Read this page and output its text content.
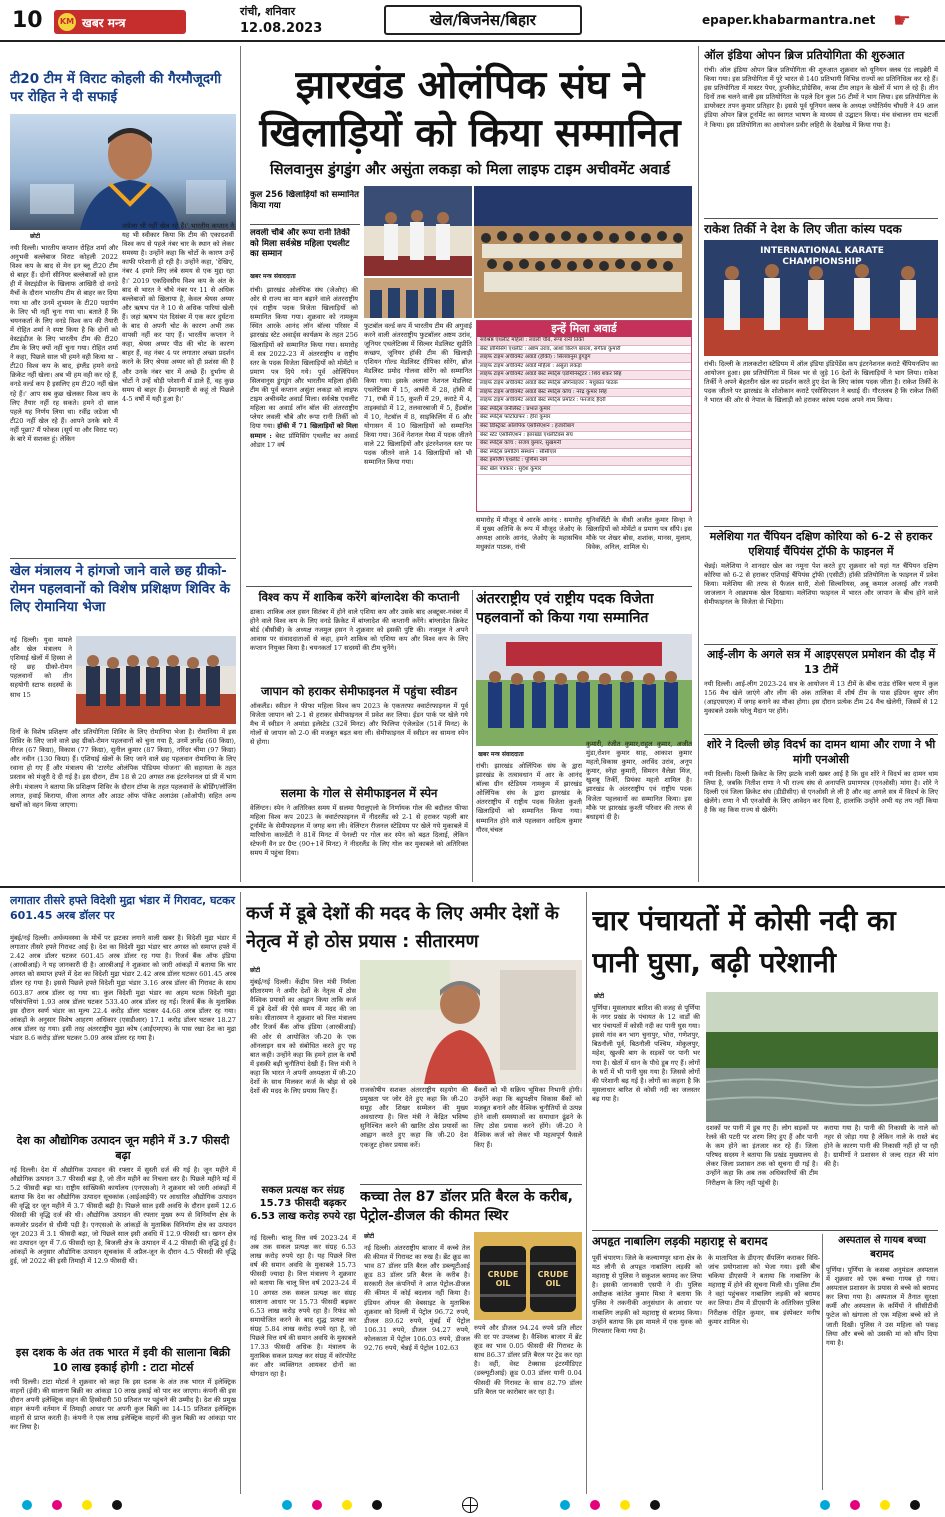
10 KM खबर मन्त्र
रांची, शनिवार
12.08.2023	खेल/बिजनेस/बिहार	epaper.khabarmantra.net ☛
टी20 टीम में विराट कोहली की गैरमौजूदगी पर रोहित ने दी सफाई
छोटी
नयी दिल्ली। भारतीय कप्तान रोहित शर्मा और अनुभवी बल्लेबाज विराट कोहली 2022 विश्व कप के बाद से मेन इन ब्लू टी20 टीम से बाहर हैं। दोनों सीनियर बल्लेबाजों को हाल ही में वेस्टइंडीज के खिलाफ आखिरी दो वनडे मैचों के दौरान भारतीय टीम से बाहर कर दिया गया था और उनमें शुभमन के टी20 पदार्पण के लिए भी नहीं चुना गया था। बताते हैं कि चयनकर्ता के लिए वनडे विश्व कप की तैयारी में रोहित शर्मा ने स्पष्ट किया है कि दोनों को वेस्टइंडीज के लिए भारतीय टीम की टी20 टीम के लिए क्यों नहीं चुना गया। रोहित शर्मा ने कहा, पिछले साल भी हमने वही किया था - टी20 विश्व कप के बाद, इंग्लैंड हमने वनडे क्रिकेट नहीं खेला। अब भी हम वही कर रहे हैं, वनडे वर्ल्ड कप है इसलिए हम टी20 नहीं खेल रहे हैं।' आप सब कुछ खेलकर विश्व कप के लिए तैयार नहीं रह सकते। हमने दो साल पहले यह निर्णय लिया था। रवींद्र जडेजा भी टी20 नहीं खेल रहे हैं। आपने उनके बारे में नहीं पूछा? मैं फोकस (सूर्य या और विराट पर) के बारे में सशक्त हूं। लेकिन
जडेजा भी नहीं खेल रहे हैं।' भारतीय कप्तान ने यह भी स्वीकार किया कि टीम की एकादशवीं विश्व कप से पहले नंबर चार के स्थान को लेकर समस्या है। उन्होंने कहा कि चोटों के कारण उन्हें काफी परेशानी हो रही है। उन्होंने कहा, 'देखिए, नंबर 4 हमारे लिए लंबे समय से एक मुद्दा रहा है।' 2019 एकदिवसीय विश्व कप के अंत के बाद से भारत ने चौथे नंबर पर 11 से अधिक बल्लेबाजों को खिलाया है, केवल श्रेयस अय्यर और ऋषभ पंत ने 10 से अधिक पारियां खेली हैं। जहां ऋषभ पंत दिसंबर में एक कार दुर्घटना के बाद से अपनी चोट के कारण अभी तक वापसी नहीं कर पाए हैं। भारतीय कप्तान ने कहा, श्रेयस अय्यर पीठ की चोट के कारण बाहर हैं, वह नंबर 4 पर लगातार अच्छा प्रदर्शन करने के लिए श्रेयस अय्यर को ही प्रशंसा की है और उनके नंबर चार में अच्छे हैं। दुर्भाग्य से चोटों ने उन्हें थोड़ी परेशानी में डाले हैं, वह कुछ समय से बाहर हैं। ईमानदारी से कहूं तो पिछले 4-5 वर्षों में यही हुआ है।'
खेल मंत्रालय ने हांगजो जाने वाले छह ग्रीको-रोमन पहलवानों को विशेष प्रशिक्षण शिविर के लिए रोमानिया भेजा
नई दिल्ली। युवा मामले और खेल मंत्रालय ने एशियाई खेलों में हिस्सा ले रहे छह ग्रीको-रोमन पहलवानों को तीन सहयोगी स्टाफ सदस्यों के साथ 15
दिनों के विशेष प्रशिक्षण और प्रतियोगिता शिविर के लिए रोमानिया भेजा है। रोमानिया में इस शिविर के लिए जाने वाले छह ग्रीको-रोमन पहलवानों को चुना गया है, उनमें ज्ञानेंद्र (60 किग्रा), नीरज (67 किग्रा), विकास (77 किग्रा), सुनील कुमार (87 किग्रा), नरिंदर चीमा (97 किग्रा) और नवीन (130 किग्रा) हैं। एशियाई खेलों के लिए जाने वाले छह पहलवान रोमानिया के लिए रवाना हो गए हैं और मंत्रालय की 'टारगेट ओलंपिक पोडियम योजना' की सहायता के तहत प्रस्ताव को मंजूरी दे दी गई है। इस दौरान, टीम 18 से 20 अगस्त तक इंटरनेशनल ग्रां प्री में भाग लेगी। मंत्रालय ने बताया कि प्रशिक्षण शिविर के दौरान टॉप्स के तहत पहलवानों के बोर्डिंग/लॉजिंग लागत, हवाई किराया, वीजा लागत और आउट ऑफ पॉकेट अलाउंस (ओओपी) सहित अन्य खर्चों को वहन किया जाएगा।
झारखंड ओलंपिक संघ ने खिलाड़ियों को किया सम्मानित
सिलवानुस डुंगडुंग और असुंता लकड़ा को मिला लाइफ टाइम अचीवमेंट अवार्ड
कुल 256 खिलाड़ियों को सम्मानित किया गया
लवली चौबे और रूपा रानी तिर्की को मिला सर्वश्रेष्ठ महिला एथलीट का सम्मान
खबर मन्त्र संवाददाता
रांची। झारखंड ओलंपिक संघ (जेओए) की ओर से राज्य का मान बढ़ाने वाले अंतरराष्ट्रीय एवं राष्ट्रीय पदक विजेता खिलाड़ियों को सम्मानित किया गया। शुक्रवार को नामकुम स्थित आरके आनंद लॉन बॉल्स परिसर में झारखंड स्टेट अवार्ड्स कार्यक्रम के तहत 256 खिलाड़ियों को सम्मानित किया गया। समारोह में सत्र 2022-23 में अंतरराष्ट्रीय व राष्ट्रीय स्तर के पदक विजेता खिलाड़ियों को मोमेंटो व प्रमाण पत्र दिये गये। पूर्व ओलिंपियन सिलवानुस डुंगडुंग और भारतीय महिला हॉकी टीम की पूर्व कप्तान असुंता लकड़ा को लाइफ टाइम अचीवमेंट अवार्ड मिला। सर्वश्रेष्ठ एथलीट महिला का अवार्ड लॉन बॉल की अंतरराष्ट्रीय प्लेयर लवली चौबे और रूपा रानी तिर्की को दिया गया। हॉकी में 71 खिलाड़ियों को मिला सम्मान : बेस्ट प्रॉमिसिंग एथलीट का अवार्ड ओडार 17 वर्ष
फुटबॉल वर्ल्ड कप में भारतीय टीम की अगुवाई करने वाली अंतरराष्ट्रीय फुटबॉलर अष्टम उरांव, जूनियर एथलेटिक्स में सिल्वर मेडलिस्ट सुप्रीति कच्छप, जूनियर हॉकी टीम की खिलाड़ी एशियन गोल्ड मेडलिस्ट दीपिका सोरेंग, ब्रोंज मेडलिस्ट प्रमोद गोलवा सोरेंग को सम्मानित किया गया। इसके अलावा नेशनल मेडलिस्ट एथलेटिक्स में 15, आर्चरी में 28, हॉकी में 71, रग्बी में 15, कुश्ती में 29, कराटे में 4, ताइक्वांडो में 12, तलवारबाजी में 5, हैंडबॉल में 10, नेटबॉल में 8, साइकिलिंग में 6 और योगासन में 10 खिलाड़ियों को सम्मानित किया गया। 36वें नेशनल गेम्स में पदक जीतने वाले 22 खिलाड़ियों और इंटरनेशनल स्तर पर पदक जीतने वाले 14 खिलाड़ियों को भी सम्मानित किया गया।
इन्हें मिला अवार्ड
सर्वश्रेष्ठ एथलीट महिला : लवली चौबे, रूपा रानी तिर्की
बेस्ट प्रॉमिसिंग एथलीट : अष्टम उरांव, आशा किरण बारला, संगीता कुमारी
लाइफ टाइम अचीवमेंट अवार्ड (हॉकी) : सिलवानुस डुंगडुंग
लाइफ टाइम अचीवमेंट अवार्ड महिला : असुंता लकड़ा
लाइफ टाइम अचीवमेंट अवार्ड बेस्ट स्पोर्ट्स एडमिनिस्ट्रेटर : शिव शंकर सिंह
लाइफ टाइम अचीवमेंट अवार्ड बेस्ट स्पोर्ट्स ऑर्गेनाइजर : मधुकांत पाठक
लाइफ टाइम अचीवमेंट अवार्ड बेस्ट स्पोर्ट्स कोच : नरेंद्र कुमार सिंह
लाइफ टाइम अचीवमेंट अवार्ड बेस्ट स्पोर्ट्स प्रमोटर : फरजाद हैदरी
बेस्ट स्पोर्ट्स जर्नलिस्ट : प्रभात कुमार
बेस्ट स्पोर्ट्स फोटोग्राफर : हीरा कुमार
बेस्ट डिस्ट्रिक्ट ओलंपिक एसोसिएशन : हजारीबाग
बेस्ट स्टेट एसोसिएशन : झारखंड एथलेटिक्स संघ
बेस्ट स्पोर्ट्स कोच : संजय कुमार, सुखमनी
बेस्ट स्पोर्ट्स प्रमोटिंग संस्थान : सीसीएल
बेस्ट इमर्जिंग एथलीट : पूर्णिमा नाग
बेस्ट खेल पत्रकार : सुदेश कुमार
समारोह में मौजूद थे आरके आनंद : समारोह में मुख्य अतिथि के रूप में मौजूद जेओए के अध्यक्ष आरके आनंद, जेओए के महासचिव मधुकांत पाठक, रांची
यूनिवर्सिटी के वीसी अजीत कुमार सिन्हा ने खिलाड़ियों को मोमेंटो व प्रमाण पत्र सौंपे। इस मौके पर शेखर बोस, शशांक, मानस, मुलाम, विवेक, अनिल, शामिल थे।
विश्व कप में शाकिब करेंगे बांग्लादेश की कप्तानी
ढाका। शाकिब अल हसन सितंबर में होने वाले एशिया कप और उसके बाद अक्टूबर-नवंबर में होने वाले विश्व कप के लिए वनडे क्रिकेट में बांग्लादेश की कप्तानी करेंगे। बांग्लादेश क्रिकेट बोर्ड (बीसीबी) के अध्यक्ष नजमुल हसन ने शुक्रवार को इसकी पुष्टि की। नजमुल ने अपने आवास पर संवाददाताओं से कहा, हमने शाकिब को एशिया कप और विश्व कप के लिए कप्तान नियुक्त किया है। चयनकर्ता 17 सदस्यों की टीम चुनेंगे।
जापान को हराकर सेमीफाइनल में पहुंचा स्वीडन
ऑकलैंड। स्वीडन ने फीफा महिला विश्व कप 2023 के एकतरफा क्वार्टरफाइनल में पूर्व विजेता जापान को 2-1 से हराकर सेमीफाइनल में प्रवेश कर लिया। ईडन पार्क पर खेले गये मैच में स्वीडन ने अमांडा इलेस्टेड (32वें मिनट) और फिलिपा एंजेलडेल (51वें मिनट) के गोलों से जापान को 2-0 की मजबूत बढ़त बना ली। सेमीफाइनल में स्वीडन का सामना स्पेन से होगा।
सलमा के गोल से सेमीफाइनल में स्पेन
वेलिंग्टन। स्पेन ने अतिरिक्त समय में सलमा पैरालुएलो के निर्णायक गोल की बदौलत फीफा महिला विश्व कप 2023 के क्वार्टरफाइनल में नीदरलैंड को 2-1 से हराकर पहली बार टूर्नामेंट के सेमीफाइनल में जगह बना ली। वेलिंग्टन रीजनल स्टेडियम पर खेले गये मुकाबले में मारियोना काल्डेंटी ने 81वें मिनट में पेनल्टी पर गोल कर स्पेन को बढ़त दिलाई, लेकिन स्टेफनी वैन डर ग्रैग्ट (90+1वें मिनट) ने नीदरलैंड के लिए गोल कर मुकाबले को अतिरिक्त समय में पहुंचा दिया।
अंतरराष्ट्रीय एवं राष्ट्रीय पदक विजेता पहलवानों को किया गया सम्मानित
खबर मन्त्र संवाददाता
रांची। झारखंड ओलिंपिक संघ के द्वारा झारखंड के तत्वावधान में आर के आनंद बॉल्स ग्रीन स्टेडियम नामकुम में झारखंड ओलिंपिक संघ के द्वारा झारखंड के अंतरराष्ट्रीय में राष्ट्रीय पदक विजेता कुश्ती खिलाड़ियों को सम्मानित किया गया। सम्मानित होने वाले पहलवान आदित्य कुमार गौरव,चंचल
कुमारी, रंजीत कुमार,राहुल कुमार, अजीत मुंडा,रोशन कुमार साह, आकाश कुमार महतो,विकास कुमार, अरविंद उरांव, अनूप कुमार, स्नेहा कुमारी, सिमरन वैलेन्ना मिंज, खुशबू तिर्की, प्रियंका महतो शामिल है। झारखंड के अंतरराष्ट्रीय एवं राष्ट्रीय पदक विजेता पहलवानों का सम्मानित किया। इस मौके पर झारखंड कुश्ती परिवार की तरफ से बधाइयां दी है।
ऑल इंडिया ओपन ब्रिज प्रतियोगिता की शुरुआत
रांची। ऑल इंडिया ओपन ब्रिज प्रतियोगिता की शुरुआत शुक्रवार को यूनियन क्लब एंड लाइब्रेरी में किया गया। इस प्रतियोगिता में पूरे भारत से 140 प्रतिभागी विभिन्न राज्यों का प्रतिनिधित्व कर रहे हैं। इस प्रतियोगिता में मास्टर पेयर, डुप्लीकेट,प्रोग्रेसिव, कप्स टीम लाइन के खेलों में भाग ले रहे हैं। तीन दिनों तक चलने वाली इस प्रतियोगिता के पहले दिन कुल 56 टीमों ने भाग लिया। इस प्रतियोगिता के डायरेक्टर तपन कुमार प्रतिहार है। इससे पूर्व यूनियन क्लब के अध्यक्ष ज्योतिर्मय चौधरी ने 49 आल इंडिया ओपन ब्रिज टूर्नामेंट का स्वागत भाषण के माध्यम से उद्घाटन किया। मंच संचालन राम चटर्जी ने किया। इस प्रतियोगिता का आयोजन प्रवीर लहिरी के देखरेख में किया गया है।
राकेश तिर्की ने देश के लिए जीता कांस्य पदक
INTERNATIONAL KARATE CHAMPIONSHIP
रांची। दिल्ली के तालकटोरा स्टेडियम में ऑल इंडिया इंडिपेंडेंस कप इंटरनेशनल कराटे चैंपियनशिप का आयोजन हुआ। इस प्रतियोगिता में विश्व भर से जुड़े 16 देशों के खिलाड़ियों ने भाग लिया। राकेश तिर्की ने अपने बेहतरीन खेल का प्रदर्शन करते हुए देश के लिए कांस्य पदक जीता है। राकेश तिर्की के पदक जीतने पर झारखंड के शोतोकान कराटे एसोसिएशन ने बधाई दी। गौरतलब है कि राकेश तिर्की ने भारत की ओर से नेपाल के खिलाड़ी को हराकर कांस्य पदक अपने नाम किया।
मलेशिया गत चैंपियन दक्षिण कोरिया को 6-2 से हराकर एशियाई चैंपियंस ट्रॉफी के फाइनल में
चेन्नई। मलेशिया ने शानदार खेल का नमूना पेश करते हुए शुक्रवार को यहां गत चैंपियन दक्षिण कोरिया को 6-2 से हराकर एशियाई चैंपियंस ट्रॉफी (एसीटी) हॉकी प्रतियोगिता के फाइनल में प्रवेश किया। मलेशिया की तरफ से फैजल सारी, शेलो सिल्वरियस, अबू कमाल अजरई और नजमी जाजलान ने आक्रामक खेल दिखाया। मलेशिया फाइनल में भारत और जापान के बीच होने वाले सेमीफाइनल के विजेता से भिड़ेगा।
आई-लीग के अगले सत्र में आइएसएल प्रमोशन की दौड़ में 13 टीमें
नयी दिल्ली। आई-लीग 2023-24 सत्र के आयोजन में 13 टीमें के बीच राउंड रॉबिन चरण में कुल 156 मैच खेले जाएंगे और लीग की अंक तालिका में शीर्ष टीम के पास इंडियन सुपर लीग (आइएसएल) में जगह बनाने का मौका होगा। इस दौरान प्रत्येक टीम 24 मैच खेलेगी, जिसमें से 12 मुकाबले उसके घरेलू मैदान पर होंगे।
शोरे ने दिल्ली छोड़ विदर्भ का दामन थामा और राणा ने भी मांगी एनओसी
नयी दिल्ली। दिल्ली क्रिकेट के लिए झटके वाली खबर आई है कि ध्रुव शोरे ने विदर्भ का दामन थाम लिया है, जबकि नितीश राणा ने भी राज्य संघ से अनापत्ति प्रमाणपत्र (एनओसी) मांगा है। शोरे ने दिल्ली एवं जिला क्रिकेट संघ (डीडीसीए) से एनओसी ले ली है और वह अगले सत्र में विदर्भ के लिए खेलेंगे। राणा ने भी एनओसी के लिए आवेदन कर दिया है, हालांकि उन्होंने अभी यह तय नहीं किया है कि वह किस राज्य से खेलेंगे।
लगातार तीसरे हफ्ते विदेशी मुद्रा भंडार में गिरावट, घटकर 601.45 अरब डॉलर पर
मुंबई/नई दिल्ली। अर्थव्यवस्था के मोर्चे पर झटका लगाने वाली खबर है। विदेशी मुद्रा भंडार में लगातार तीसरे हफ्ते गिरावट आई है। देश का विदेशी मुद्रा भंडार चार अगस्त को समाप्त हफ्ते में 2.42 अरब डॉलर घटकर 601.45 अरब डॉलर रह गया है। रिजर्व बैंक ऑफ इंडिया (आरबीआई) ने यह जानकारी दी है। आरबीआई ने शुक्रवार को जारी आंकड़ों में बताया कि चार अगस्त को समाप्त हफ्ते में देश का विदेशी मुद्रा भंडार 2.42 अरब डॉलर घटकर 601.45 अरब डॉलर रह गया है। इससे पिछले हफ्ते विदेशी मुद्रा भंडार 3.16 अरब डॉलर की गिरावट के साथ 603.87 अरब डॉलर रह गया था। कुल विदेशी मुद्रा भंडार का अहम घटक विदेशी मुद्रा परिसंपत्तियां 1.93 अरब डॉलर घटकर 533.40 अरब डॉलर रह गई। रिजर्व बैंक के मुताबिक इस दौरान स्वर्ण भंडार का मूल्य 22.4 करोड़ डॉलर घटकर 44.68 अरब डॉलर रह गया। आंकड़ों के अनुसार विशेष आहरण अधिकार (एसडीआर) 17.1 करोड़ डॉलर घटकर 18.27 अरब डॉलर रह गया। इसी तरह अंतरराष्ट्रीय मुद्रा कोष (आईएमएफ) के पास रखा देश का मुद्रा भंडार 8.6 करोड़ डॉलर घटकर 5.09 अरब डॉलर रह गया है।
देश का औद्योगिक उत्पादन जून महीने में 3.7 फीसदी बढ़ा
नई दिल्ली। देश में औद्योगिक उत्पादन की रफ्तार में सुस्ती दर्ज की गई है। जून महीने में औद्योगिक उत्पादन 3.7 फीसदी बढ़ा है, जो तीन महीने का निचला स्तर है। पिछले महीने मई में 5.2 फीसदी बढ़ा था। राष्ट्रीय सांख्यिकी कार्यालय (एनएसओ) ने शुक्रवार को जारी आंकड़ों में बताया कि देश का औद्योगिक उत्पादन सूचकांक (आईआईपी) पर आधारित औद्योगिक उत्पादन की वृद्धि दर जून महीने में 3.7 फीसदी बढ़ी है। पिछले साल इसी अवधि के दौरान इसमें 12.6 फीसदी की वृद्धि दर्ज की थी। औद्योगिक उत्पादन की रफ्तार मुख्य रूप से विनिर्माण क्षेत्र के कमजोर प्रदर्शन से धीमी पड़ी है। एनएसओ के आंकड़ों के मुताबिक विनिर्माण क्षेत्र का उत्पादन जून 2023 में 3.1 फीसदी बढ़ा, जो पिछले साल इसी अवधि में 12.9 फीसदी था। खनन क्षेत्र का उत्पादन जून में 7.6 फीसदी रहा है, बिजली क्षेत्र के उत्पादन में 4.2 फीसदी की वृद्धि हुई है। आंकड़ों के अनुसार औद्योगिक उत्पादन सूचकांक में अप्रैल-जून के दौरान 4.5 फीसदी की वृद्धि हुई, जो 2022 की इसी तिमाही में 12.9 फीसदी थी।
इस दशक के अंत तक भारत में इवी की सालाना बिक्री 10 लाख इकाई होगी : टाटा मोटर्स
नयी दिल्ली। टाटा मोटर्स ने शुक्रवार को कहा कि इस दशक के अंत तक भारत में इलेक्ट्रिक वाहनों (ईवी) की सालाना बिक्री का आंकड़ा 10 लाख इकाई को पार कर जाएगा। कंपनी की इस दौरान अपनी इलेक्ट्रिक वाहन की हिस्सेदारी 50 प्रतिशत पर पहुंचने की उम्मीद है। देश की प्रमुख वाहन कंपनी वर्तमान में तिमाही आधार पर अपनी कुल बिक्री का 14-15 प्रतिशत इलेक्ट्रिक वाहनों से प्राप्त करती है। कंपनी ने एक लाख इलेक्ट्रिक वाहनों की कुल बिक्री का आंकड़ा पार कर लिया है।
कर्ज में डूबे देशों की मदद के लिए अमीर देशों के नेतृत्व में हो ठोस प्रयास : सीतारमण
छोटी
मुंबई/नई दिल्ली। केंद्रीय वित्त मंत्री निर्मला सीतारमण ने अमीर देशों के नेतृत्व में ठोस वैश्विक प्रयासों का आह्वान किया ताकि कर्ज में डूबे देशों की ऐसे समय में मदद की जा सके। सीतारमण ने शुक्रवार को वित्त मंत्रालय और रिजर्व बैंक ऑफ इंडिया (आरबीआई) की ओर से आयोजित जी-20 के एक ऑनलाइन सत्र को संबोधित करते हुए यह बात कही। उन्होंने कहा कि हमने हाल के वर्षों में इसकी बढ़ी चुनौतियां देखी हैं। वित्त मंत्री ने कहा कि भारत ने अपनी अध्यक्षता में जी-20 देशों के साथ मिलकर कर्ज के बोझ से दबे देशों की मदद के लिए प्रयास किए हैं।	राजकोषीय सशक्त अंतरराष्ट्रीय सहयोग की प्रमुखता पर जोर देते हुए कहा कि जी-20 समूह और शिखर सम्मेलन की मुख्य अवधारणा है। वित्त मंत्री ने केंद्रित भविष्य सुनिश्चित करने की खातिर ठोस प्रयासों का आह्वान करते हुए कहा कि जी-20 देश एकजुट होकर प्रयास करें।
बैंकरों को भी सक्रिय भूमिका निभानी होगी। उन्होंने कहा कि बहुपक्षीय विकास बैंकों को मजबूत बनाने और वैश्विक चुनौतियों से उत्पन्न होने वाली समस्याओं का समाधान ढूंढने के लिए ठोस प्रयास करने होंगे। जी-20 ने वैश्विक कर्ज को लेकर भी महत्वपूर्ण फैसले किए हैं।
सकल प्रत्यक्ष कर संग्रह 15.73 फीसदी बढ़कर 6.53 लाख करोड़ रुपये रहा
नई दिल्ली। चालू वित्त वर्ष 2023-24 में अब तक सकल प्रत्यक्ष कर संग्रह 6.53 लाख करोड़ रुपये रहा है। यह पिछले वित्त वर्ष की समान अवधि के मुकाबले 15.73 फीसदी ज्यादा है। वित्त मंत्रालय ने शुक्रवार को बताया कि चालू वित्त वर्ष 2023-24 में 10 अगस्त तक सकल प्रत्यक्ष कर संग्रह सालाना आधार पर 15.73 फीसदी बढ़कर 6.53 लाख करोड़ रुपये रहा है। रिफंड को समायोजित करने के बाद शुद्ध प्रत्यक्ष कर संग्रह 5.84 लाख करोड़ रुपये रहा है, जो पिछले वित्त वर्ष की समान अवधि के मुकाबले 17.33 फीसदी अधिक है। मंत्रालय के मुताबिक सकल प्रत्यक्ष कर संग्रह में कॉरपोरेट कर और व्यक्तिगत आयकर दोनों का योगदान रहा है।
कच्चा तेल 87 डॉलर प्रति बैरल के करीब, पेट्रोल-डीजल की कीमत स्थिर
छोटी
CRUDE OIL
CRUDE OIL
नई दिल्ली। अंतरराष्ट्रीय बाजार में कच्चे तेल की कीमत में गिरावट का रुख है। ब्रेंट क्रूड का भाव 87 डॉलर प्रति बैरल और डब्ल्यूटीआई क्रूड 83 डॉलर प्रति बैरल के करीब है। सरकारी तेल कंपनियों ने आज पेट्रोल-डीजल की कीमत में कोई बदलाव नहीं किया है। इंडियन ऑयल की वेबसाइट के मुताबिक शुक्रवार को दिल्ली में पेट्रोल 96.72 रुपये, डीजल 89.62 रुपये, मुंबई में पेट्रोल 106.31 रुपये, डीजल 94.27 रुपये, कोलकाता में पेट्रोल 106.03 रुपये, डीजल 92.76 रुपये, चेन्नई में पेट्रोल 102.63
रुपये और डीजल 94.24 रुपये प्रति लीटर की दर पर उपलब्ध है। वैश्विक बाजार में ब्रेंट क्रूड का भाव 0.05 फीसदी की गिरावट के साथ 86.37 डॉलर प्रति बैरल पर ट्रेड कर रहा है। वहीं, वेस्ट टेक्सास इंटरमीडिएट (डब्ल्यूटीआई) क्रूड 0.03 डॉलर यानी 0.04 फीसदी की गिरावट के साथ 82.79 डॉलर प्रति बैरल पर कारोबार कर रहा है।
चार पंचायतों में कोसी नदी का पानी घुसा, बढ़ी परेशानी
छोटी
पूर्णिया। मूसलाधार बारिश की वजह से पूर्णिया के नगर प्रखंड के पंचायत के 12 वार्डों की चार पंचायतों में कोसी नदी का पानी घुस गया। इससे गांव बन भाग चुनापुर, भोरा, गणेशपुर, बिठनौली पूर्व, बिठनौली पश्चिम, मोकुलपुर, महेश, खुश्की बाग के सड़कों पर पानी भर गया है। खेतों में धान के पौधे डूब गए हैं। लोगों के घरों में भी पानी घुस गया है। जिससे लोगों की परेशानी बढ़ गई है। लोगों का कहना है कि मूसलाधार बारिश से कोसी नदी का जलस्तर बढ़ गया है।
दशकों पर पानी में डूब गए हैं। लोग सड़कों पर रेलवे की पटरी पर शरण लिए हुए हैं और पानी के कम होने का इंतजार कर रहे हैं। जिला परिषद सदस्य ने बताया कि प्रखंड मुख्यालय से लेकर जिला प्रशासन तक को सूचना दी गई है। उन्होंने कहा कि अब तक अधिकारियों की टीम निरीक्षण के लिए नहीं पहुंची है।
कराया गया है। पानी की निकासी के नाले को नहर से जोड़ा गया है लेकिन नाले के रास्ते बंद होने के कारण पानी की निकासी नहीं हो पा रही है। ग्रामीणों ने प्रशासन से जल्द राहत की मांग की है।
अपहृत नाबालिग लड़की महाराष्ट्र से बरामद
पूर्वी चंपारण। जिले के कल्याणपुर थाना क्षेत्र के मठ लौनी से अपहृत नाबालिग लड़की को महाराष्ट्र से पुलिस ने सकुशल बरामद कर लिया है। इसकी जानकारी एसपी ने दी। पुलिस अधीक्षक कांतेश कुमार मिश्रा ने बताया कि पुलिस ने तकनीकी अनुसंधान के आधार पर नाबालिग लड़की को महाराष्ट्र से बरामद किया। उन्होंने बताया कि इस मामले में एक युवक को गिरफ्तार किया गया है।
के मातापिता के डीएनए सैंपलिंग कराकर विधि-जांच प्रयोगशाला को भेजा गया। इसी बीच चकिया डीएसपी ने बताया कि नाबालिग के महाराष्ट्र में होने की सूचना मिली थी। पुलिस टीम ने वहां पहुंचकर नाबालिग लड़की को बरामद कर लिया। टीम में डीएसपी के अतिरिक्त पुलिस निरीक्षक रोहित कुमार, सब इंस्पेक्टर मनीष कुमार शामिल थे।
अस्पताल से गायब बच्चा बरामद
पूर्णिया। पूर्णिया के कसबा अनुमंडल अस्पताल में शुक्रवार को एक बच्चा गायब हो गया। अस्पताल प्रशासन के प्रयास से बच्चे को बरामद कर लिया गया है। अस्पताल में तैनात सुरक्षा कर्मी और अस्पताल के कर्मियों ने सीसीटीवी फुटेज को खंगाला तो एक महिला बच्चे को ले जाती दिखी। पुलिस ने उस महिला को पकड़ लिया और बच्चे को उसकी मां को सौंप दिया गया है।
